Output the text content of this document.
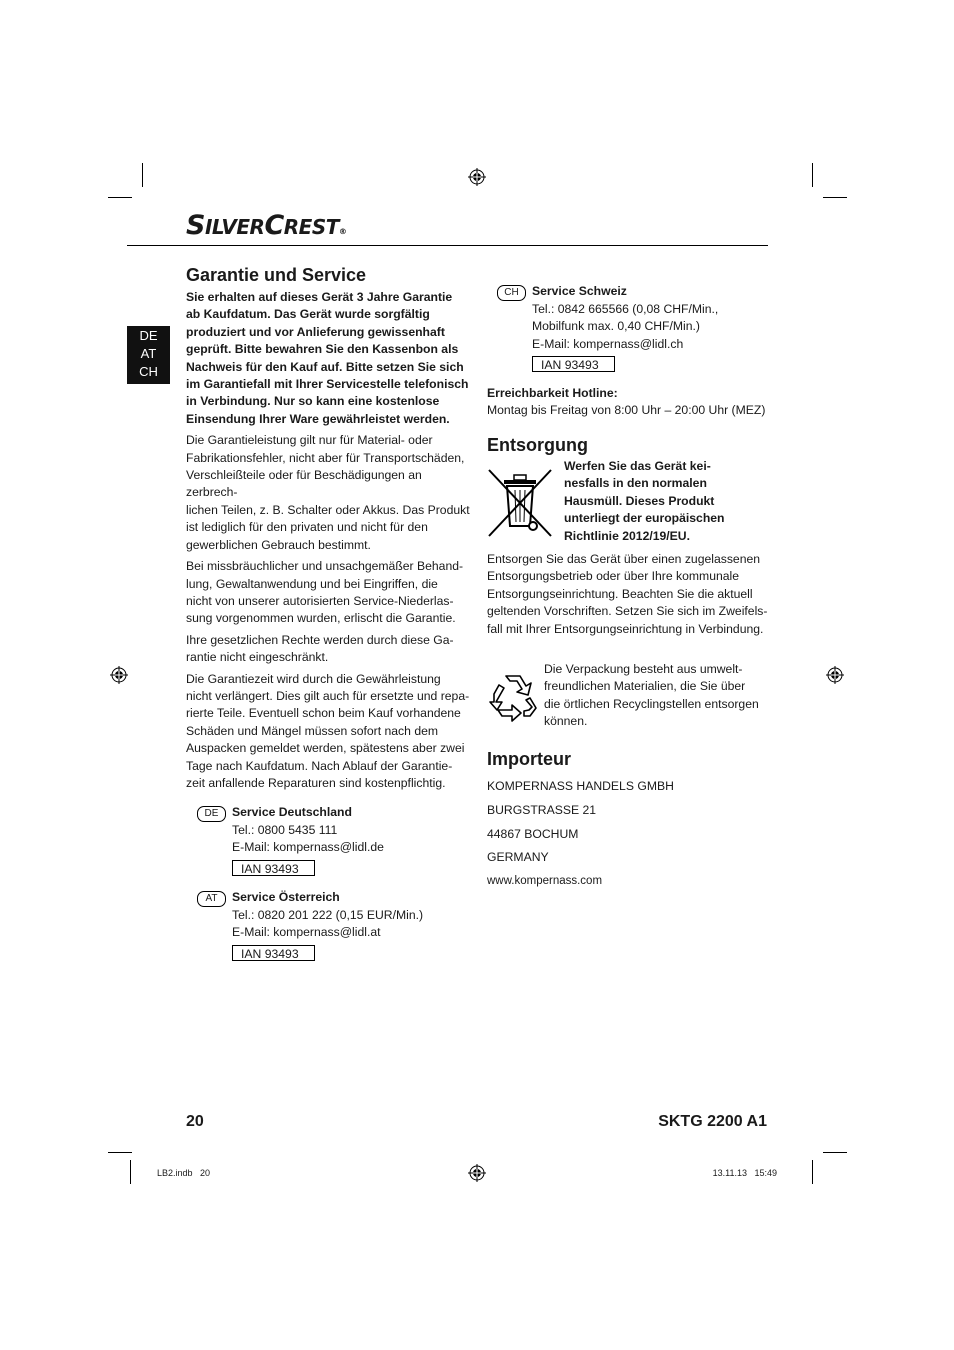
SILVERCREST®
DE
AT
CH
Garantie und Service
Sie erhalten auf dieses Gerät 3 Jahre Garantie
ab Kaufdatum. Das Gerät wurde sorgfältig
produziert und vor Anlieferung gewissenhaft
geprüft. Bitte bewahren Sie den Kassenbon als
Nachweis für den Kauf auf. Bitte setzen Sie sich
im Garantiefall mit Ihrer Servicestelle telefonisch
in Verbindung. Nur so kann eine kostenlose
Einsendung Ihrer Ware gewährleistet werden.
Die Garantieleistung gilt nur für Material- oder
Fabrikationsfehler, nicht aber für Transportschäden,
Verschleißteile oder für Beschädigungen an zerbrech-
lichen Teilen, z. B. Schalter oder Akkus. Das Produkt
ist lediglich für den privaten und nicht für den
gewerblichen Gebrauch bestimmt.
Bei missbräuchlicher und unsachgemäßer Behand-
lung, Gewaltanwendung und bei Eingriffen, die
nicht von unserer autorisierten Service-Niederlas-
sung vorgenommen wurden, erlischt die Garantie.
Ihre gesetzlichen Rechte werden durch diese Ga-
rantie nicht eingeschränkt.
Die Garantiezeit wird durch die Gewährleistung
nicht verlängert. Dies gilt auch für ersetzte und repa-
rierte Teile. Eventuell schon beim Kauf vorhandene
Schäden und Mängel müssen sofort nach dem
Auspacken gemeldet werden, spätestens aber zwei
Tage nach Kaufdatum. Nach Ablauf der Garantie-
zeit anfallende Reparaturen sind kostenpflichtig.
DE	Service Deutschland
Tel.: 0800 5435 111
E-Mail: kompernass@lidl.de
IAN 93493
AT	Service Österreich
Tel.: 0820 201 222 (0,15 EUR/Min.)
E-Mail: kompernass@lidl.at
IAN 93493
CH	Service Schweiz
Tel.: 0842 665566 (0,08 CHF/Min.,
Mobilfunk max. 0,40 CHF/Min.)
E-Mail: kompernass@lidl.ch
IAN 93493
Erreichbarkeit Hotline:
Montag bis Freitag von 8:00 Uhr – 20:00 Uhr (MEZ)
Entsorgung
Werfen Sie das Gerät kei-
nesfalls in den normalen
Hausmüll. Dieses Produkt
unterliegt der europäischen
Richtlinie 2012/19/EU.
Entsorgen Sie das Gerät über einen zugelassenen
Entsorgungsbetrieb oder über Ihre kommunale
Entsorgungseinrichtung. Beachten Sie die aktuell
geltenden Vorschriften. Setzen Sie sich im Zweifels-
fall mit Ihrer Entsorgungseinrichtung in Verbindung.
Die Verpackung besteht aus umwelt-
freundlichen Materialien, die Sie über
die örtlichen Recyclingstellen entsorgen
können.
Importeur
KOMPERNASS HANDELS GMBH
BURGSTRASSE 21
44867 BOCHUM
GERMANY
www.kompernass.com
20	SKTG 2200 A1
LB2.indb   20	13.11.13   15:49
